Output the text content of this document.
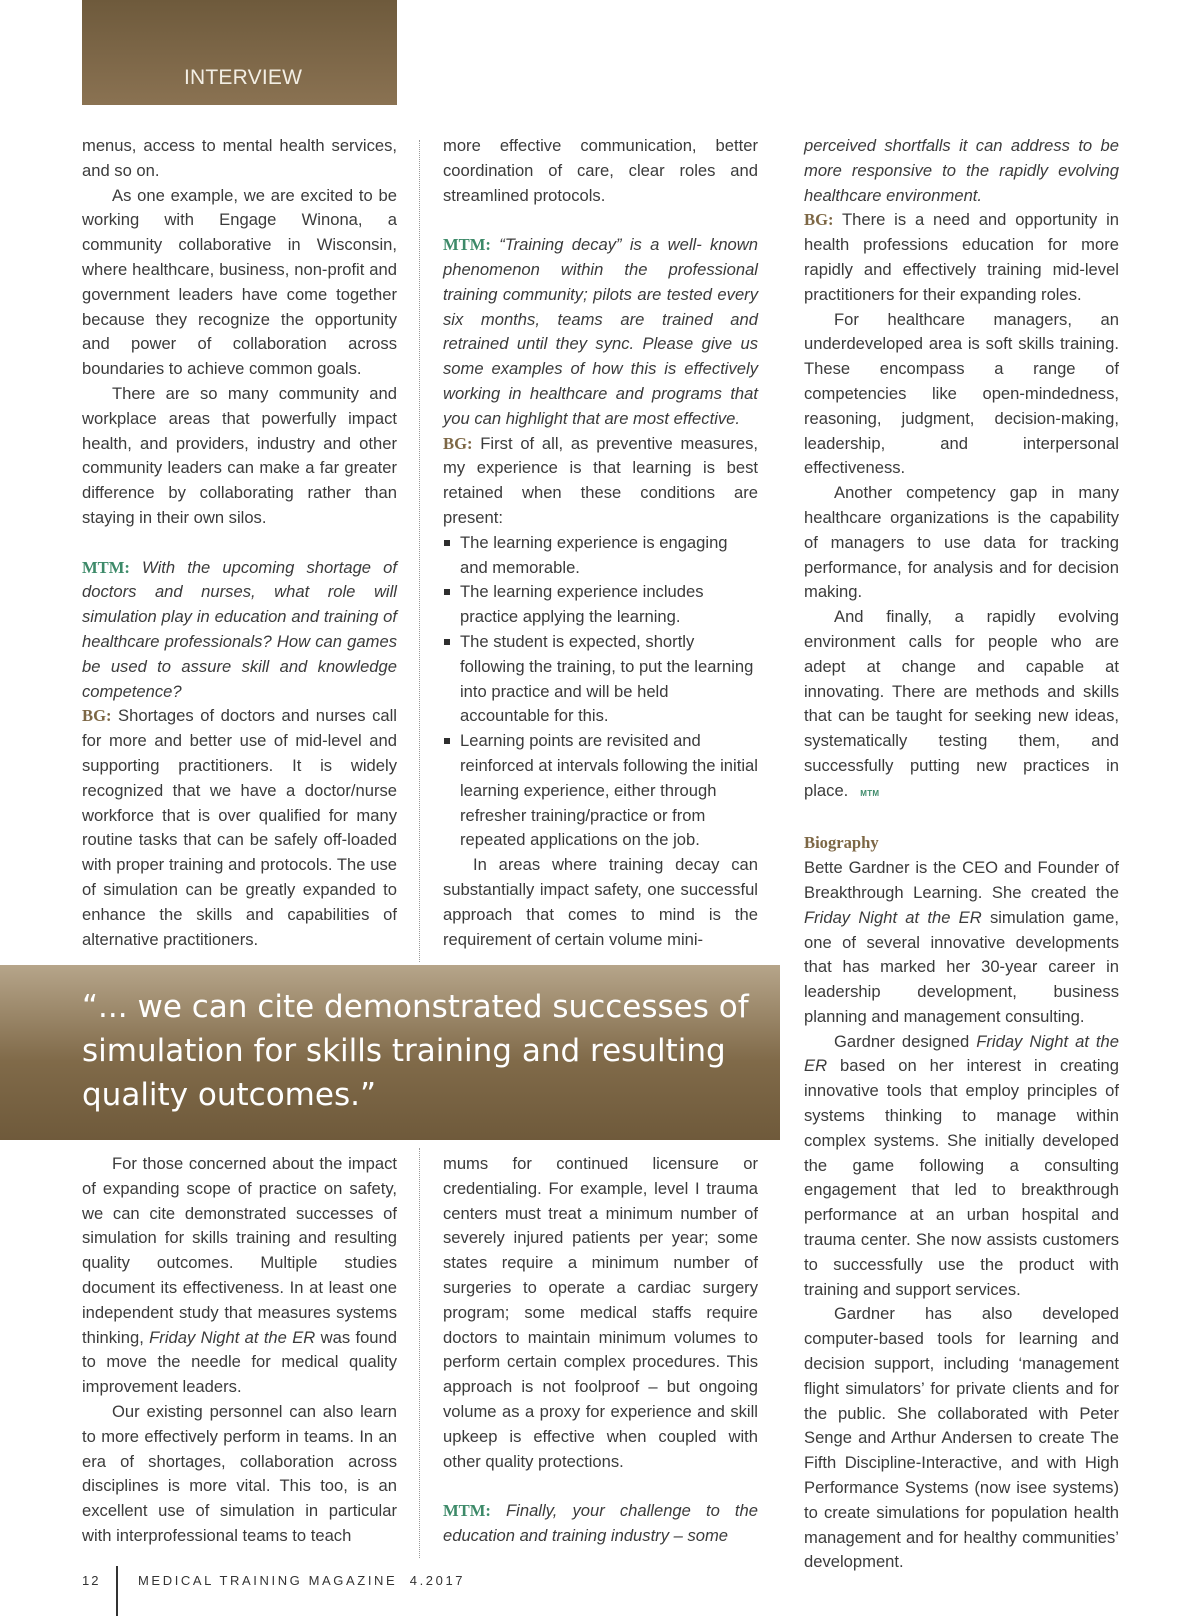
INTERVIEW

menus, access to mental health services, and so on.

As one example, we are excited to be working with Engage Winona, a community collaborative in Wisconsin, where healthcare, business, non-profit and government leaders have come together because they recognize the opportunity and power of collaboration across boundaries to achieve common goals.

There are so many community and workplace areas that powerfully impact health, and providers, industry and other community leaders can make a far greater difference by collaborating rather than staying in their own silos.

MTM: With the upcoming shortage of doctors and nurses, what role will simulation play in education and training of healthcare professionals? How can games be used to assure skill and knowledge competence?

BG: Shortages of doctors and nurses call for more and better use of mid-level and supporting practitioners. It is widely recognized that we have a doctor/nurse workforce that is over qualified for many routine tasks that can be safely off-loaded with proper training and protocols. The use of simulation can be greatly expanded to enhance the skills and capabilities of alternative practitioners.

more effective communication, better coordination of care, clear roles and streamlined protocols.

MTM: “Training decay” is a well- known phenomenon within the professional training community; pilots are tested every six months, teams are trained and retrained until they sync. Please give us some examples of how this is effectively working in healthcare and programs that you can highlight that are most effective.

BG: First of all, as preventive measures, my experience is that learning is best retained when these conditions are present:

The learning experience is engaging and memorable.
The learning experience includes practice applying the learning.
The student is expected, shortly following the training, to put the learning into practice and will be held accountable for this.
Learning points are revisited and reinforced at intervals following the initial learning experience, either through refresher training/practice or from repeated applications on the job.

In areas where training decay can substantially impact safety, one successful approach that comes to mind is the requirement of certain volume mini-

“... we can cite demonstrated successes of simulation for skills training and resulting quality outcomes.”

For those concerned about the impact of expanding scope of practice on safety, we can cite demonstrated successes of simulation for skills training and resulting quality outcomes. Multiple studies document its effectiveness. In at least one independent study that measures systems thinking, Friday Night at the ER was found to move the needle for medical quality improvement leaders.

Our existing personnel can also learn to more effectively perform in teams. In an era of shortages, collaboration across disciplines is more vital. This too, is an excellent use of simulation in particular with interprofessional teams to teach

mums for continued licensure or credentialing. For example, level I trauma centers must treat a minimum number of severely injured patients per year; some states require a minimum number of surgeries to operate a cardiac surgery program; some medical staffs require doctors to maintain minimum volumes to perform certain complex procedures. This approach is not foolproof – but ongoing volume as a proxy for experience and skill upkeep is effective when coupled with other quality protections.

MTM: Finally, your challenge to the education and training industry – some

perceived shortfalls it can address to be more responsive to the rapidly evolving healthcare environment.

BG: There is a need and opportunity in health professions education for more rapidly and effectively training mid-level practitioners for their expanding roles.

For healthcare managers, an underdeveloped area is soft skills training. These encompass a range of competencies like open-mindedness, reasoning, judgment, decision-making, leadership, and interpersonal effectiveness.

Another competency gap in many healthcare organizations is the capability of managers to use data for tracking performance, for analysis and for decision making.

And finally, a rapidly evolving environment calls for people who are adept at change and capable at innovating. There are methods and skills that can be taught for seeking new ideas, systematically testing them, and successfully putting new practices in place. MTM

Biography

Bette Gardner is the CEO and Founder of Breakthrough Learning. She created the Friday Night at the ER simulation game, one of several innovative developments that has marked her 30-year career in leadership development, business planning and management consulting.

Gardner designed Friday Night at the ER based on her interest in creating innovative tools that employ principles of systems thinking to manage within complex systems. She initially developed the game following a consulting engagement that led to breakthrough performance at an urban hospital and trauma center. She now assists customers to successfully use the product with training and support services.

Gardner has also developed computer-based tools for learning and decision support, including ‘management flight simulators’ for private clients and for the public. She collaborated with Peter Senge and Arthur Andersen to create The Fifth Discipline-Interactive, and with High Performance Systems (now isee systems) to create simulations for population health management and for healthy communities’ development.

12	MEDICAL TRAINING MAGAZINE 4.2017
